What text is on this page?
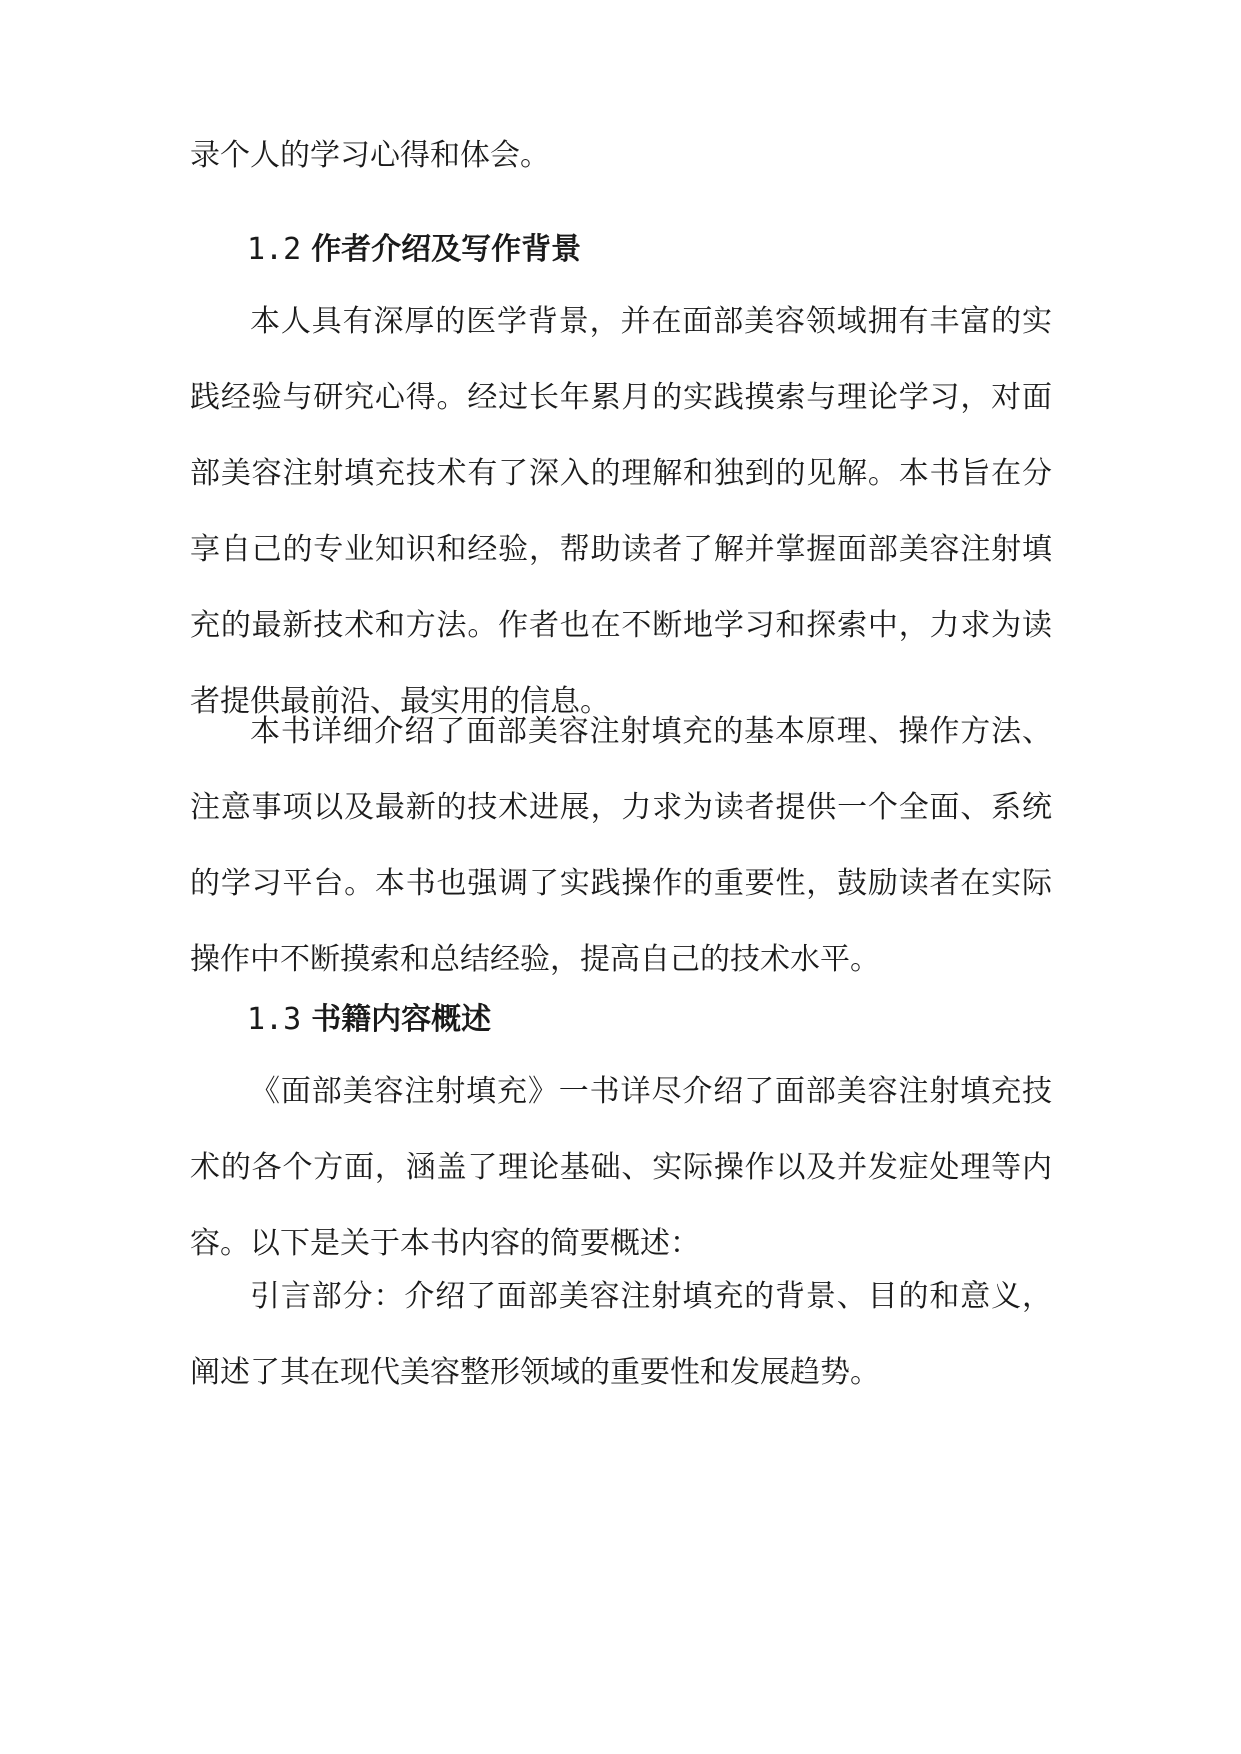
录个人的学习心得和体会。

1.2 作者介绍及写作背景

本人具有深厚的医学背景，并在面部美容领域拥有丰富的实践经验与研究心得。经过长年累月的实践摸索与理论学习，对面部美容注射填充技术有了深入的理解和独到的见解。本书旨在分享自己的专业知识和经验，帮助读者了解并掌握面部美容注射填充的最新技术和方法。作者也在不断地学习和探索中，力求为读者提供最前沿、最实用的信息。

本书详细介绍了面部美容注射填充的基本原理、操作方法、注意事项以及最新的技术进展，力求为读者提供一个全面、系统的学习平台。本书也强调了实践操作的重要性，鼓励读者在实际操作中不断摸索和总结经验，提高自己的技术水平。

1.3 书籍内容概述

《面部美容注射填充》一书详尽介绍了面部美容注射填充技术的各个方面，涵盖了理论基础、实际操作以及并发症处理等内容。以下是关于本书内容的简要概述：

引言部分：介绍了面部美容注射填充的背景、目的和意义，阐述了其在现代美容整形领域的重要性和发展趋势。
